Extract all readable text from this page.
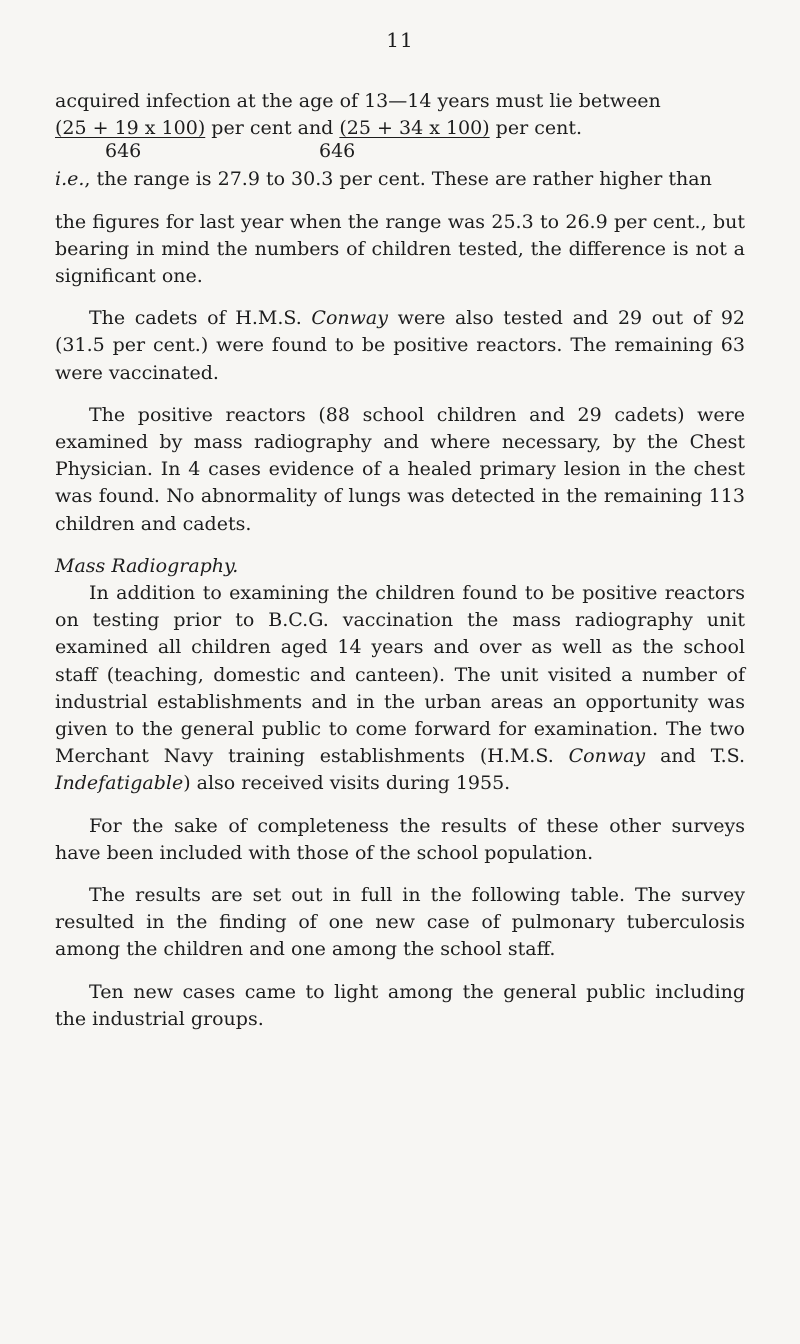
11

acquired infection at the age of 13—14 years must lie between

(25 + 19 x 100) per cent and (25 + 34 x 100) per cent.

646	646

i.e., the range is 27.9 to 30.3 per cent. These are rather higher than

the figures for last year when the range was 25.3 to 26.9 per cent., but bearing in mind the numbers of children tested, the difference is not a significant one.

The cadets of H.M.S. Conway were also tested and 29 out of 92 (31.5 per cent.) were found to be positive reactors. The remaining 63 were vaccinated.

The positive reactors (88 school children and 29 cadets) were examined by mass radiography and where necessary, by the Chest Physician. In 4 cases evidence of a healed primary lesion in the chest was found. No abnormality of lungs was detected in the remaining 113 children and cadets.

Mass Radiography.

In addition to examining the children found to be positive reactors on testing prior to B.C.G. vaccination the mass radiography unit examined all children aged 14 years and over as well as the school staff (teaching, domestic and canteen). The unit visited a number of industrial establishments and in the urban areas an opportunity was given to the general public to come forward for examination. The two Merchant Navy training establishments (H.M.S. Conway and T.S. Indefatigable) also received visits during 1955.

For the sake of completeness the results of these other surveys have been included with those of the school population.

The results are set out in full in the following table. The survey resulted in the finding of one new case of pulmonary tuberculosis among the children and one among the school staff.

Ten new cases came to light among the general public including the industrial groups.
